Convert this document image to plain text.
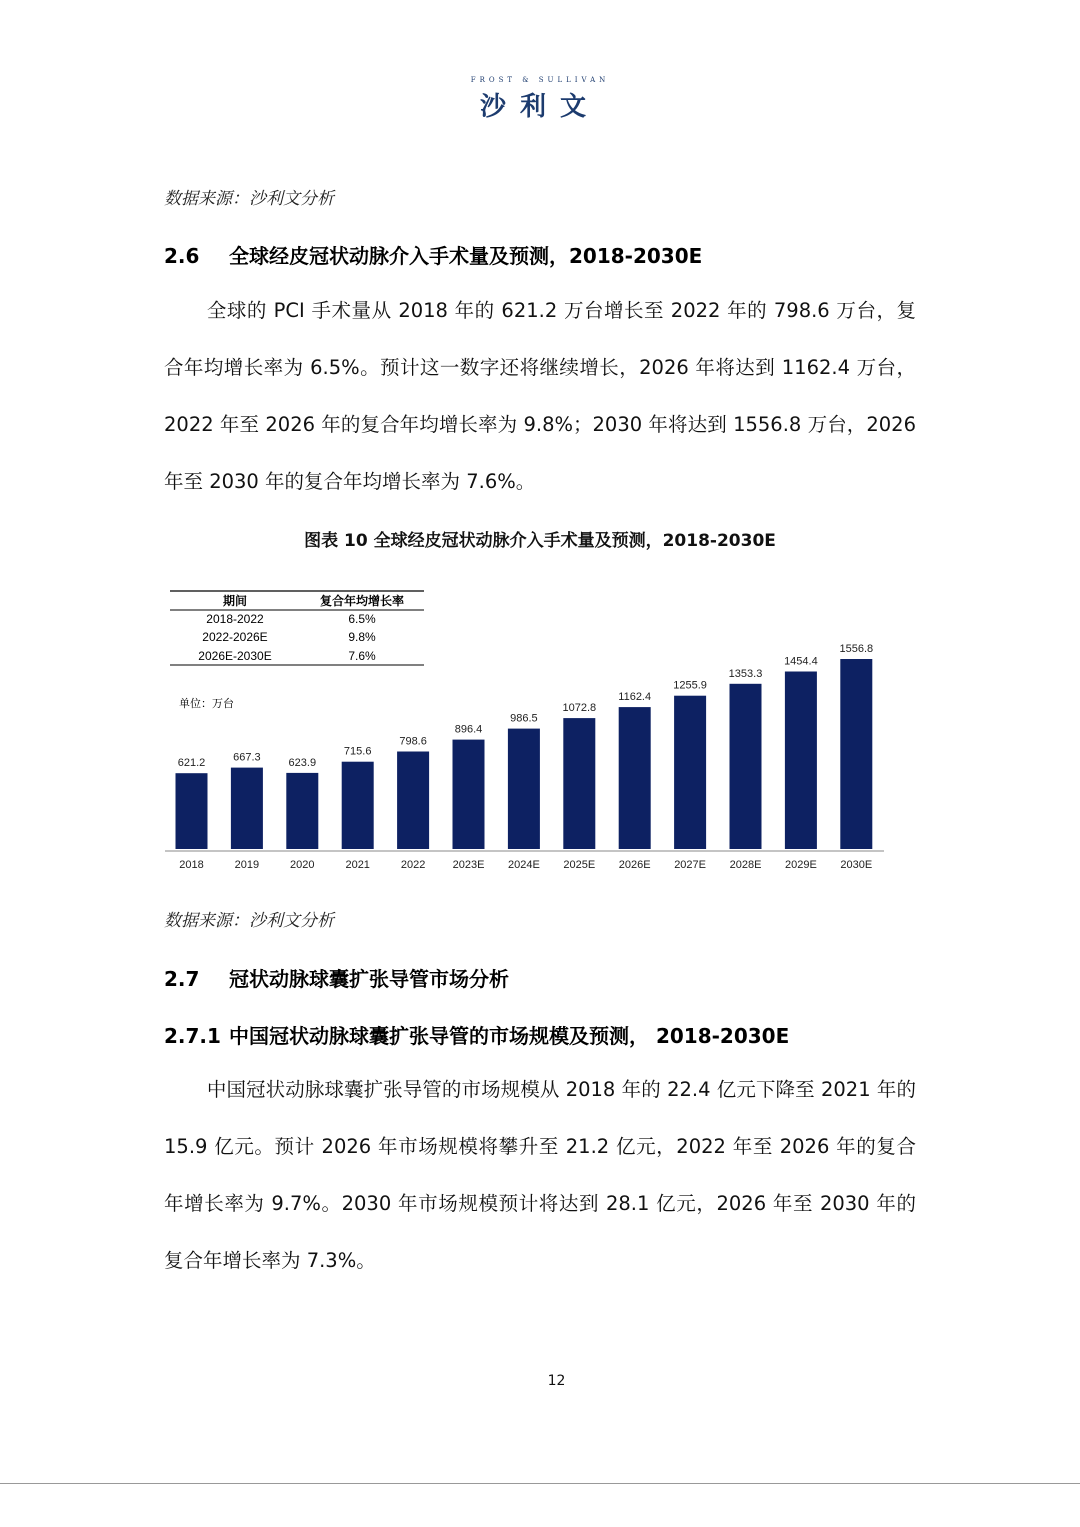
FROST & SULLIVAN
沙利文
数据来源：沙利文分析
2.6 全球经皮冠状动脉介入手术量及预测，2018-2030E

全球的 PCI 手术量从 2018 年的 621.2 万台增长至 2022 年的 798.6 万台，复合年均增长率为 6.5%。预计这一数字还将继续增长，2026 年将达到 1162.4 万台，2022 年至 2026 年的复合年均增长率为 9.8%；2030 年将达到 1556.8 万台，2026 年至 2030 年的复合年均增长率为 7.6%。

图表 10 全球经皮冠状动脉介入手术量及预测，2018-2030E
期间	复合年均增长率
2018-2022	6.5%
2022-2026E	9.8%
2026E-2030E	7.6%
单位：万台
621.2
2018
667.3
2019
623.9
2020
715.6
2021
798.6
2022
896.4
2023E
986.5
2024E
1072.8
2025E
1162.4
2026E
1255.9
2027E
1353.3
2028E
1454.4
2029E
1556.8
2030E
数据来源：沙利文分析
2.7 冠状动脉球囊扩张导管市场分析
2.7.1 中国冠状动脉球囊扩张导管的市场规模及预测， 2018-2030E

中国冠状动脉球囊扩张导管的市场规模从 2018 年的 22.4 亿元下降至 2021 年的 15.9 亿元。预计 2026 年市场规模将攀升至 21.2 亿元，2022 年至 2026 年的复合年增长率为 9.7%。2030 年市场规模预计将达到 28.1 亿元，2026 年至 2030 年的复合年增长率为 7.3%。

12
